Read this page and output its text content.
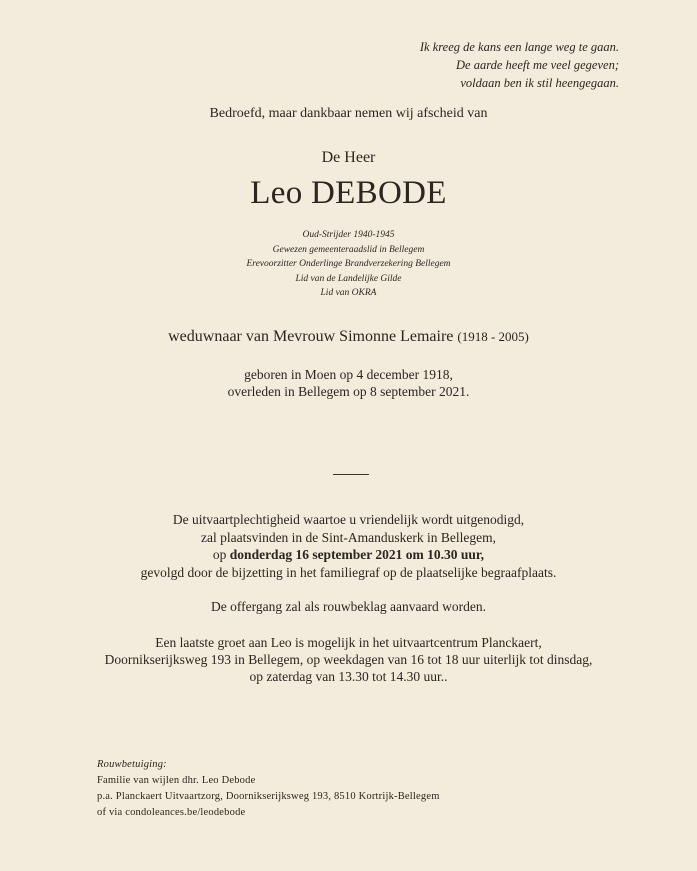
Ik kreeg de kans een lange weg te gaan.
De aarde heeft me veel gegeven;
voldaan ben ik stil heengegaan.
Bedroefd, maar dankbaar nemen wij afscheid van
De Heer
Leo DEBODE
Oud-Strijder 1940-1945
Gewezen gemeenteraadslid in Bellegem
Erevoorzitter Onderlinge Brandverzekering Bellegem
Lid van de Landelijke Gilde
Lid van OKRA
weduwnaar van Mevrouw Simonne Lemaire (1918 - 2005)
geboren in Moen op 4 december 1918,
overleden in Bellegem op 8 september 2021.
De uitvaartplechtigheid waartoe u vriendelijk wordt uitgenodigd,
zal plaatsvinden in de Sint-Amanduskerk in Bellegem,
op donderdag 16 september 2021 om 10.30 uur,
gevolgd door de bijzetting in het familiegraf op de plaatselijke begraafplaats.
De offergang zal als rouwbeklag aanvaard worden.
Een laatste groet aan Leo is mogelijk in het uitvaartcentrum Planckaert,
Doornikserijksweg 193 in Bellegem, op weekdagen van 16 tot 18 uur uiterlijk tot dinsdag,
op zaterdag van 13.30 tot 14.30 uur..
Rouwbetuiging:
Familie van wijlen dhr. Leo Debode
p.a. Planckaert Uitvaartzorg, Doornikserijksweg 193, 8510 Kortrijk-Bellegem
of via condoleances.be/leodebode
